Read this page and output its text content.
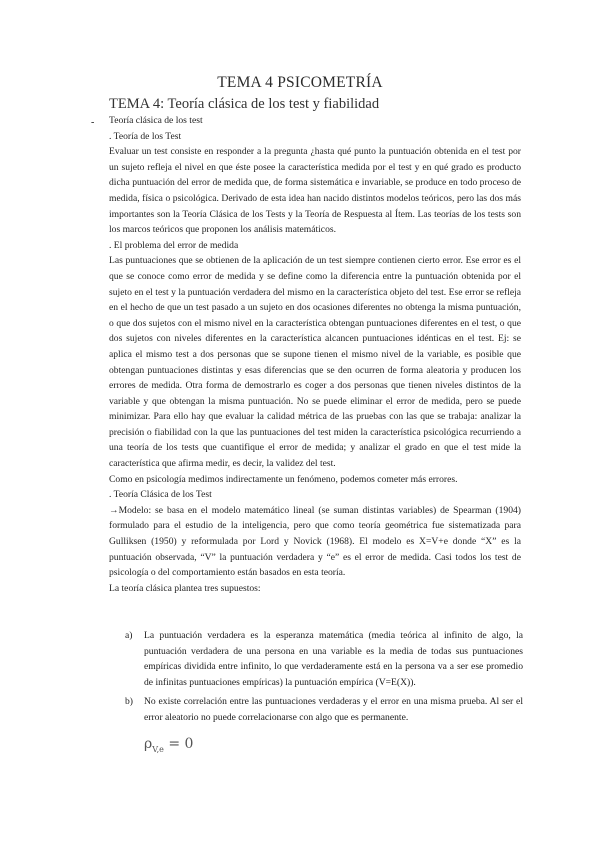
TEMA 4 PSICOMETRÍA
TEMA 4: Teoría clásica de los test y fiabilidad
- Teoría clásica de los test

. Teoría de los Test

Evaluar un test consiste en responder a la pregunta ¿hasta qué punto la puntuación obtenida en el test por un sujeto refleja el nivel en que éste posee la característica medida por el test y en qué grado es producto dicha puntuación del error de medida que, de forma sistemática e invariable, se produce en todo proceso de medida, física o psicológica. Derivado de esta idea han nacido distintos modelos teóricos, pero las dos más importantes son la Teoría Clásica de los Tests y la Teoría de Respuesta al Ítem. Las teorías de los tests son los marcos teóricos que proponen los análisis matemáticos.

. El problema del error de medida

Las puntuaciones que se obtienen de la aplicación de un test siempre contienen cierto error. Ese error es el que se conoce como error de medida y se define como la diferencia entre la puntuación obtenida por el sujeto en el test y la puntuación verdadera del mismo en la característica objeto del test. Ese error se refleja en el hecho de que un test pasado a un sujeto en dos ocasiones diferentes no obtenga la misma puntuación, o que dos sujetos con el mismo nivel en la característica obtengan puntuaciones diferentes en el test, o que dos sujetos con niveles diferentes en la característica alcancen puntuaciones idénticas en el test. Ej: se aplica el mismo test a dos personas que se supone tienen el mismo nivel de la variable, es posible que obtengan puntuaciones distintas y esas diferencias que se den ocurren de forma aleatoria y producen los errores de medida. Otra forma de demostrarlo es coger a dos personas que tienen niveles distintos de la variable y que obtengan la misma puntuación. No se puede eliminar el error de medida, pero se puede minimizar. Para ello hay que evaluar la calidad métrica de las pruebas con las que se trabaja: analizar la precisión o fiabilidad con la que las puntuaciones del test miden la característica psicológica recurriendo a una teoría de los tests que cuantifique el error de medida; y analizar el grado en que el test mide la característica que afirma medir, es decir, la validez del test.

Como en psicología medimos indirectamente un fenómeno, podemos cometer más errores.

. Teoría Clásica de los Test

→Modelo: se basa en el modelo matemático lineal (se suman distintas variables) de Spearman (1904) formulado para el estudio de la inteligencia, pero que como teoría geométrica fue sistematizada para Gulliksen (1950) y reformulada por Lord y Novick (1968). El modelo es X=V+e donde “X” es la puntuación observada, “V” la puntuación verdadera y “e” es el error de medida. Casi todos los test de psicología o del comportamiento están basados en esta teoría.

La teoría clásica plantea tres supuestos:

a) La puntuación verdadera es la esperanza matemática (media teórica al infinito de algo, la puntuación verdadera de una persona en una variable es la media de todas sus puntuaciones empíricas dividida entre infinito, lo que verdaderamente está en la persona va a ser ese promedio de infinitas puntuaciones empíricas) la puntuación empírica (V=E(X)).
b) No existe correlación entre las puntuaciones verdaderas y el error en una misma prueba. Al ser el error aleatorio no puede correlacionarse con algo que es permanente.
$\rho_{V,e} = 0$
